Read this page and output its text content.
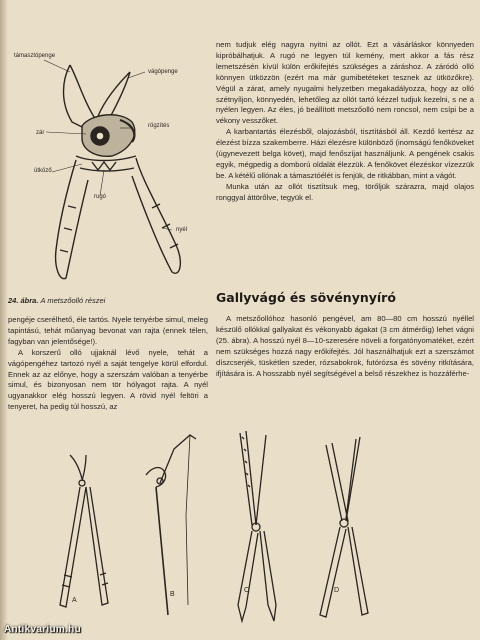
támasztópenge
vágópenge
zár
rögzítés
ütköző
rugó
nyél
24. ábra. A metszőolló részei

nem tudjuk elég nagyra nyitni az ollót. Ezt a vásárláskor könnyeden kipróbálhatjuk. A rugó ne legyen túl kemény, mert akkor a fás rész lemetszésén kívül külön erőkifejtés szükséges a záráshoz. A záródó olló könnyen ütközzön (ezért ma már gumibetéteket tesznek az ütközőkre). Végül a zárat, amely nyugalmi helyzetben megakadályozza, hogy az olló szétnyíljon, könnyedén, lehetőleg az ollót tartó kézzel tudjuk kezelni, s ne a nyélen legyen. Az éles, jó beállított metszőolló nem roncsol, nem csípi be a vékony vesszőket.

A karbantartás élezésből, olajozásból, tisztításból áll. Kezdő kertész az élezést bízza szakemberre. Házi élezésre különböző (inomságú fenőköveket (úgynevezett belga követ), majd fenőszíjat használjunk. A pengének csakis egyik, mégpedig a domború oldalát élezzük. A fenőkövet élezéskor vízezzük be. A kétélű ollónak a támasztóélét is fenjük, de ritkábban, mint a vágót.

Munka után az ollót tisztítsuk meg, törőljük szárazra, majd olajos ronggyal áttörőlve, tegyük el.

Gallyvágó és sövénynyíró

A metszőollóhoz hasonló pengével, am 80—80 cm hosszú nyéllel készülő ollókkal gallyakat és vékonyabb ágakat (3 cm átmérőig) lehet vágni (25. ábra). A hosszú nyél 8—10-szeresére növeli a forgatónyomatéket, ezért nem szükséges hozzá nagy erőkifejtés. Jól használhatjuk ezt a szerszámot díszcserjék, tüskétlen szeder, rózsabokrok, futórózsa és sövény ritkítására, ifjítására is. A hosszabb nyél segítségével a belső részekhez is hozzáférhe-

pengéje cserélhető, éle tartós. Nyele tenyérbe simul, meleg tapintású, tehát műanyag bevonat van rajta (ennek télen, fagyban van jelentősége!).

A korszerű olló ujjaknál lévő nyele, tehát a vágópengéhez tartozó nyél a saját tengelye körül elfordul. Ennek az az előnye, hogy a szerszám valóban a tenyérbe simul, és bizonyosan nem tör hólyagot rajta. A nyél ugyanakkor elég hosszú legyen. A rövid nyél feltöri a tenyeret, ha pedig túl hosszú, az

A
B
C	D
Antikvarium.hu
